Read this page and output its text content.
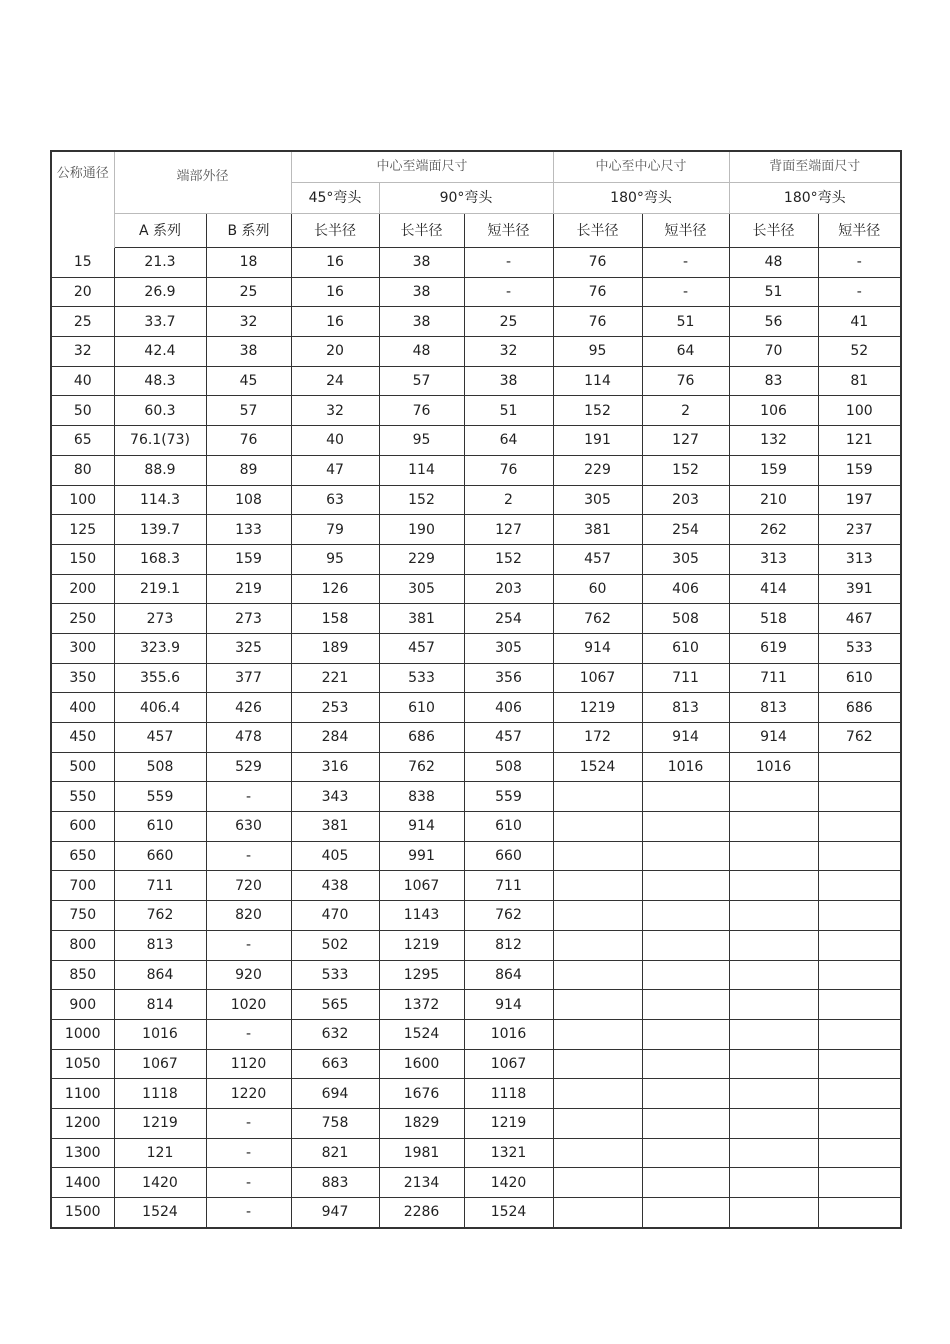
公称通径	端部外径		中心至端面尺寸			中心至中心尺寸		背面至端面尺寸	
			45°弯头	90°弯头		180°弯头		180°弯头	
	A 系列	B 系列	长半径	长半径	短半径	长半径	短半径	长半径	短半径
15	21.3	18	16	38	-	76	-	48	-
20	26.9	25	16	38	-	76	-	51	-
25	33.7	32	16	38	25	76	51	56	41
32	42.4	38	20	48	32	95	64	70	52
40	48.3	45	24	57	38	114	76	83	81
50	60.3	57	32	76	51	152	2	106	100
65	76.1(73)	76	40	95	64	191	127	132	121
80	88.9	89	47	114	76	229	152	159	159
100	114.3	108	63	152	2	305	203	210	197
125	139.7	133	79	190	127	381	254	262	237
150	168.3	159	95	229	152	457	305	313	313
200	219.1	219	126	305	203	60	406	414	391
250	273	273	158	381	254	762	508	518	467
300	323.9	325	189	457	305	914	610	619	533
350	355.6	377	221	533	356	1067	711	711	610
400	406.4	426	253	610	406	1219	813	813	686
450	457	478	284	686	457	172	914	914	762
500	508	529	316	762	508	1524	1016	1016	
550	559	-	343	838	559				
600	610	630	381	914	610				
650	660	-	405	991	660				
700	711	720	438	1067	711				
750	762	820	470	1143	762				
800	813	-	502	1219	812				
850	864	920	533	1295	864				
900	814	1020	565	1372	914				
1000	1016	-	632	1524	1016				
1050	1067	1120	663	1600	1067				
1100	1118	1220	694	1676	1118				
1200	1219	-	758	1829	1219				
1300	121	-	821	1981	1321				
1400	1420	-	883	2134	1420				
1500	1524	-	947	2286	1524				
